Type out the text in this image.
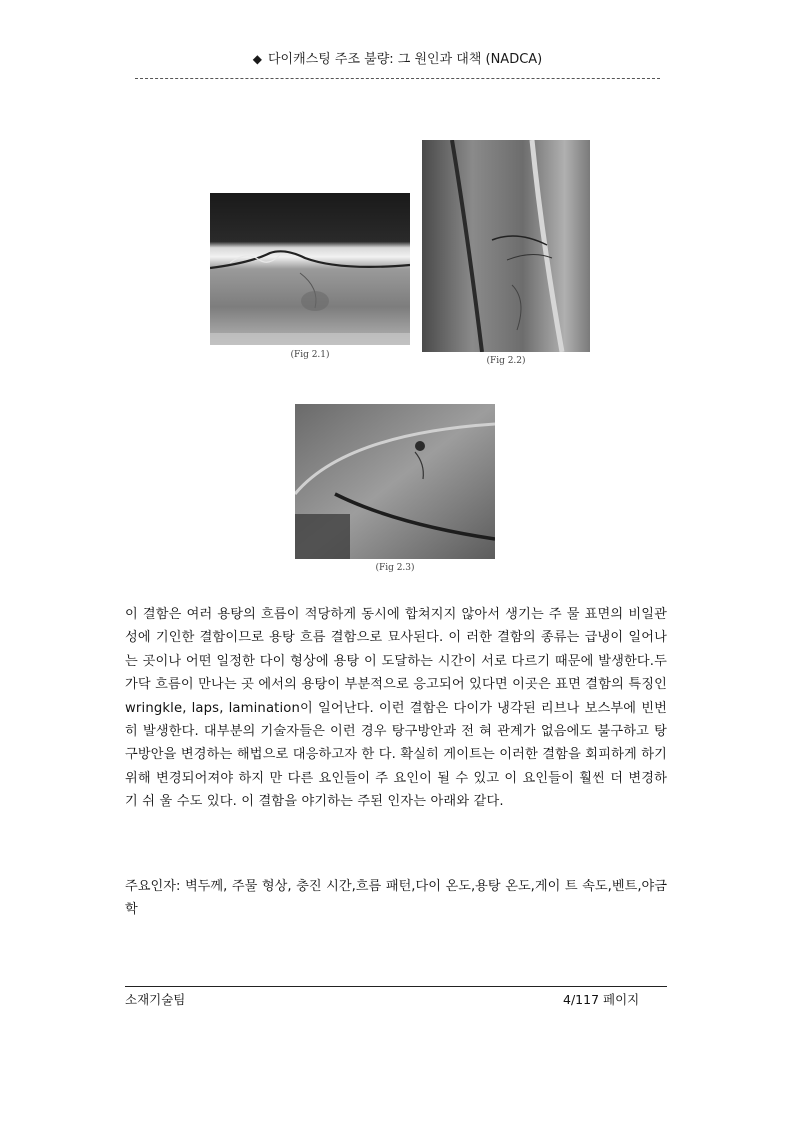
◆ 다이캐스팅 주조 불량: 그 원인과 대책 (NADCA)
(Fig 2.1)
(Fig 2.2)
(Fig 2.3)

이 결함은 여러 용탕의 흐름이 적당하게 동시에 합쳐지지 않아서 생기는 주 물 표면의 비일관성에 기인한 결함이므로 용탕 흐름 결함으로 묘사된다. 이 러한 결함의 종류는 급냉이 일어나는 곳이나 어떤 일정한 다이 형상에 용탕 이 도달하는 시간이 서로 다르기 때문에 발생한다.두 가닥 흐름이 만나는 곳 에서의 용탕이 부분적으로 응고되어 있다면 이곳은 표면 결함의 특징인 wringkle, laps, lamination이 일어난다. 이런 결함은 다이가 냉각된 리브나 보스부에 빈번히 발생한다. 대부분의 기술자들은 이런 경우 탕구방안과 전 혀 관계가 없음에도 불구하고 탕구방안을 변경하는 해법으로 대응하고자 한 다. 확실히 게이트는 이러한 결함을 회피하게 하기 위해 변경되어져야 하지 만 다른 요인들이 주 요인이 될 수 있고 이 요인들이 훨씬 더 변경하기 쉬 울 수도 있다. 이 결함을 야기하는 주된 인자는 아래와 같다.

주요인자: 벽두께, 주물 형상, 충진 시간,흐름 패턴,다이 온도,용탕 온도,게이 트 속도,벤트,야금학
소재기술팀	4/117 페이지
